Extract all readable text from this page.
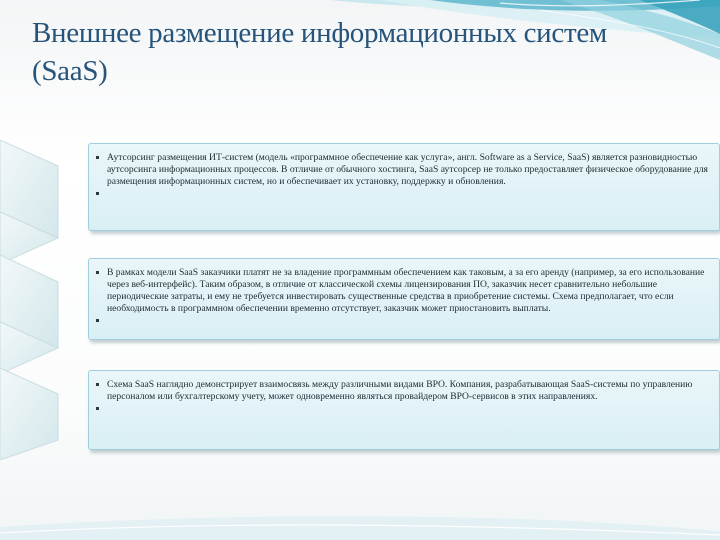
Внешнее размещение информационных систем
(SaaS)
Аутсорсинг размещения ИТ-систем (модель «программное обеспечение как услуга», англ. Software as a Service, SaaS) является разновидностью аутсорсинга информационных процессов. В отличие от обычного хостинга, SaaS аутсорсер не только предоставляет физическое оборудование для размещения информационных систем, но и обеспечивает их установку, поддержку и обновления.
В рамках модели SaaS заказчики платят не за владение программным обеспечением как таковым, а за его аренду (например, за его использование через веб-интерфейс). Таким образом, в отличие от классической схемы лицензирования ПО, заказчик несет сравнительно небольшие периодические затраты, и ему не требуется инвестировать существенные средства в приобретение системы. Схема предполагает, что если необходимость в программном обеспечении временно отсутствует, заказчик может приостановить выплаты.
Схема SaaS наглядно демонстрирует взаимосвязь между различными видами BPO. Компания, разрабатывающая SaaS-системы по управлению персоналом или бухгалтерскому учету, может одновременно являться провайдером BPO-сервисов в этих направлениях.
